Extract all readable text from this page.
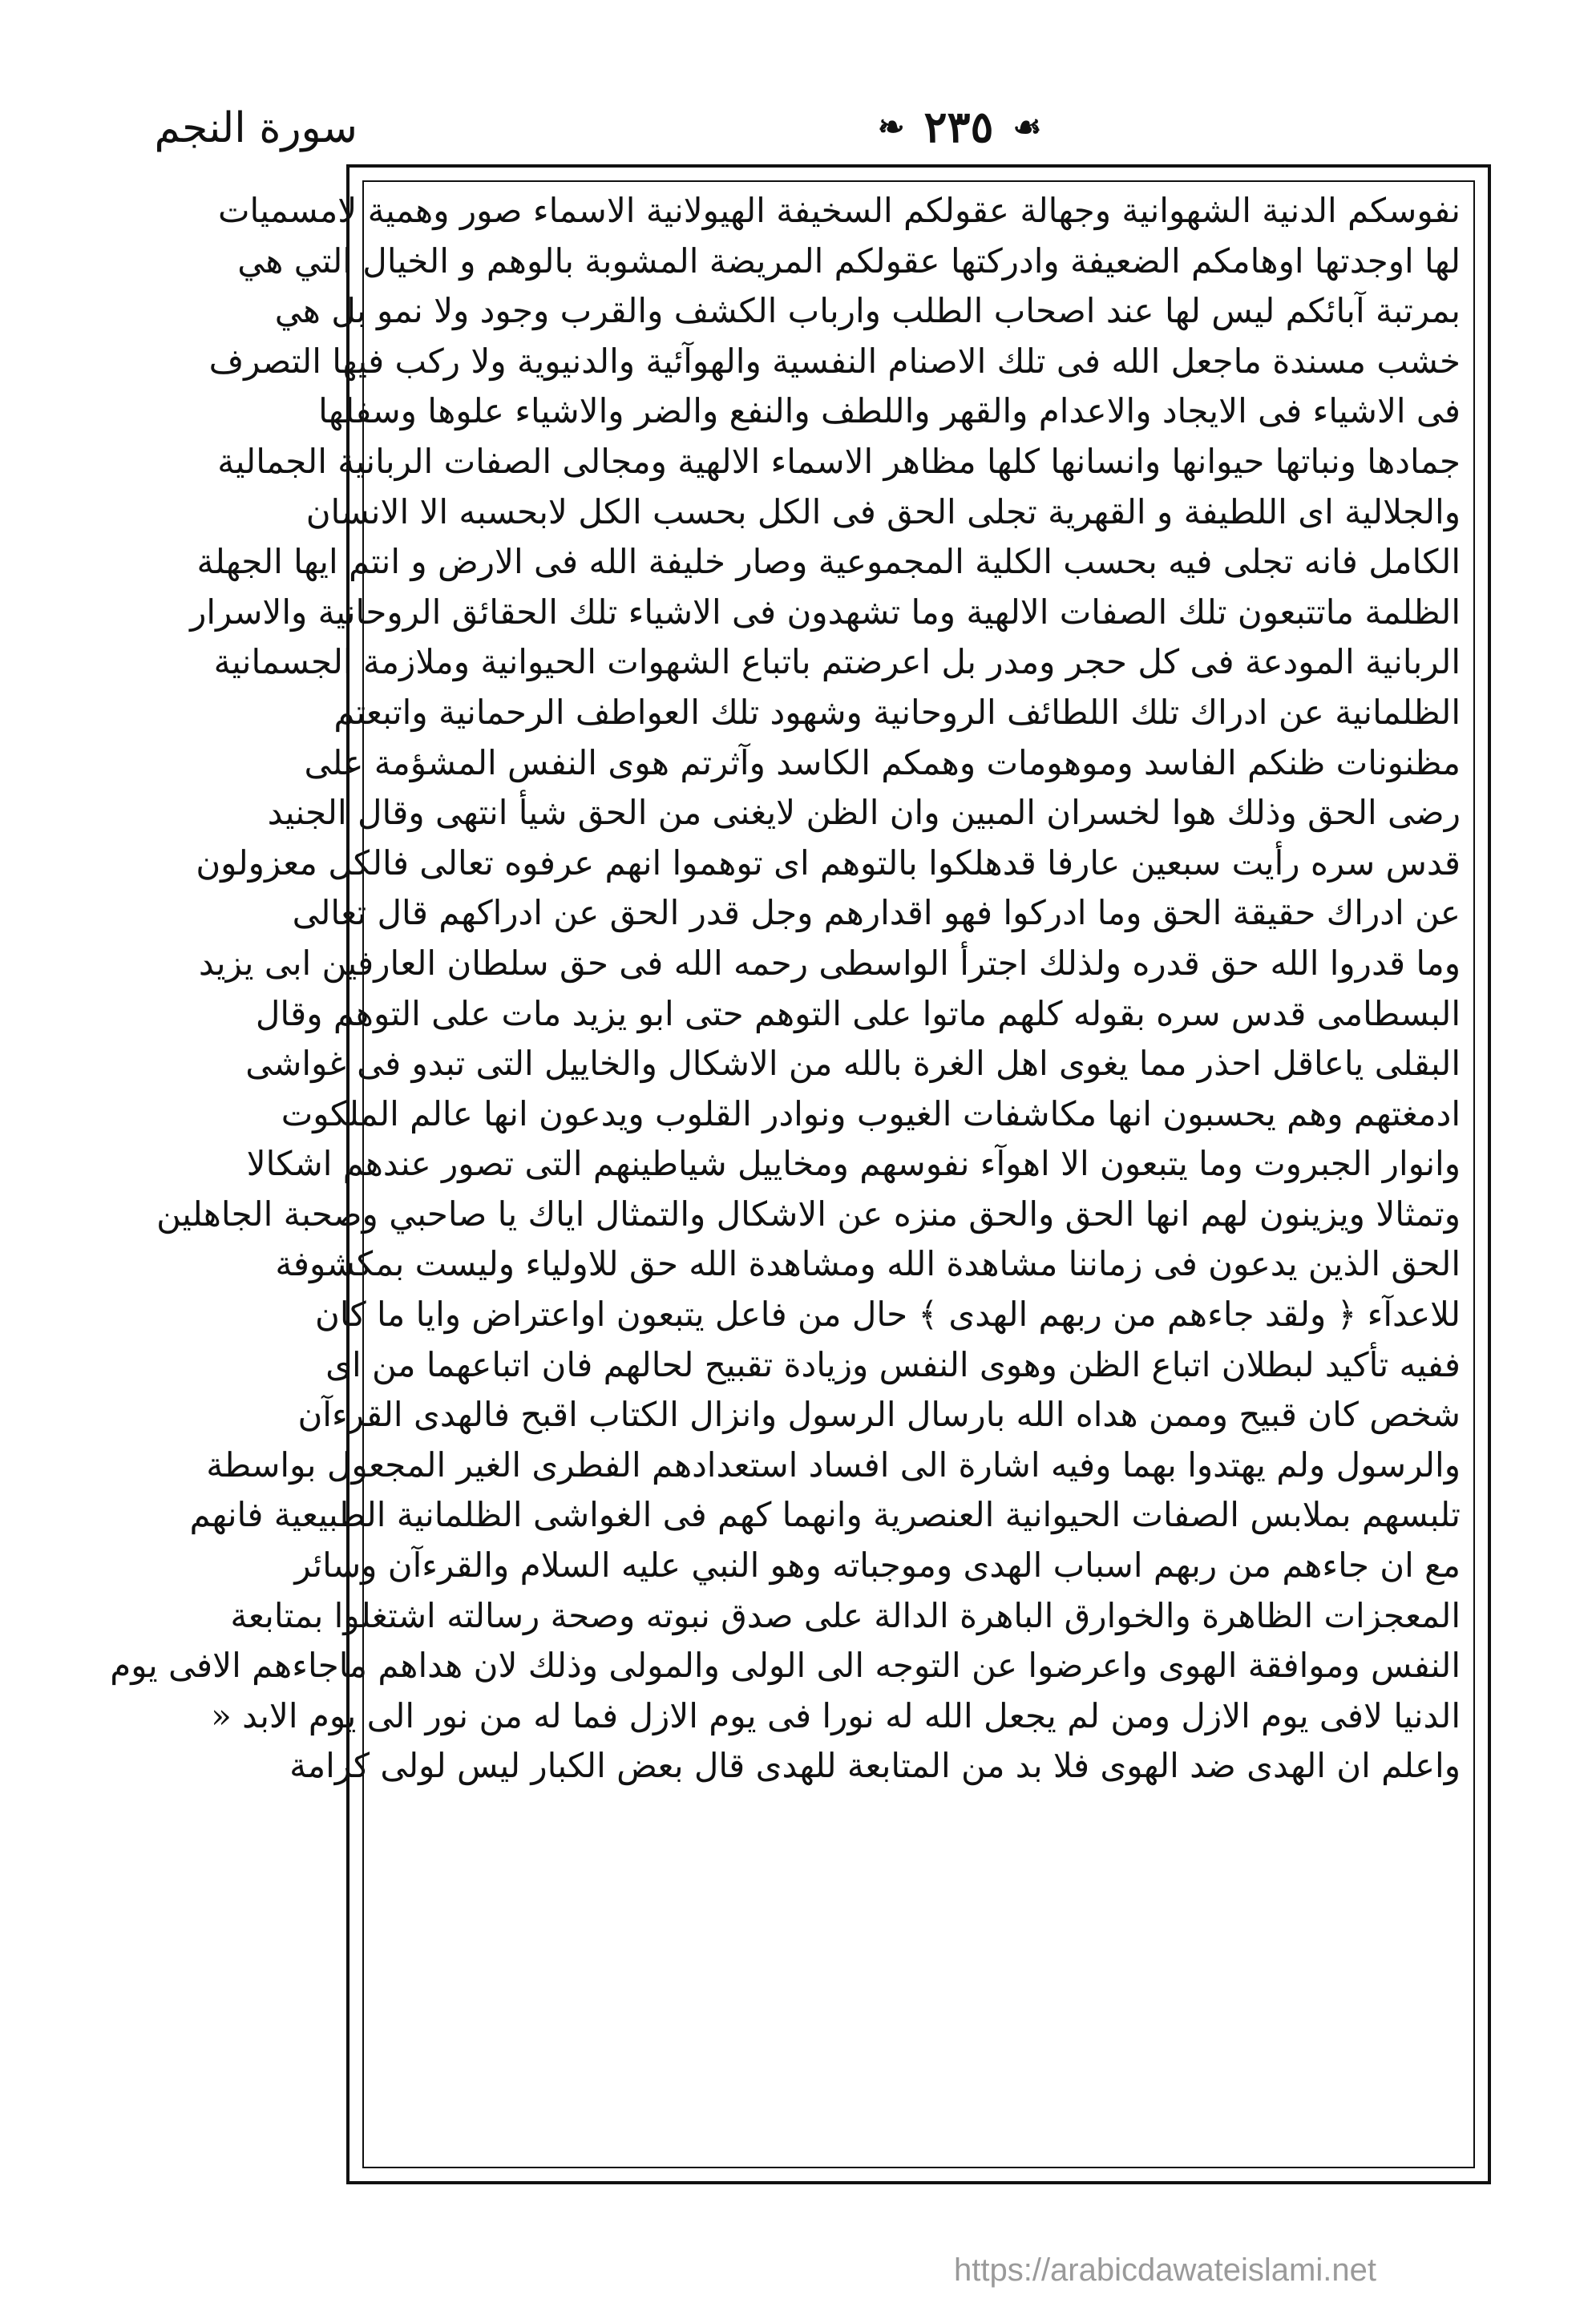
سورة النجم	❧ ٢٣٥ ☙
نفوسكم الدنية الشهوانية وجهالة عقولكم السخيفة الهيولانية الاسماء صور وهمية لامسميات
لها اوجدتها اوهامكم الضعيفة وادركتها عقولكم المريضة المشوبة بالوهم و الخيال التي هي
بمرتبة آبائكم ليس لها عند اصحاب الطلب وارباب الكشف والقرب وجود ولا نمو بل هي
خشب مسندة ماجعل الله فى تلك الاصنام النفسية والهوآئية والدنيوية ولا ركب فيها التصرف
فى الاشياء فى الايجاد والاعدام والقهر واللطف والنفع والضر والاشياء علوها وسفلها
جمادها ونباتها حيوانها وانسانها كلها مظاهر الاسماء الالهية ومجالى الصفات الربانية الجمالية
والجلالية اى اللطيفة و القهرية تجلى الحق فى الكل بحسب الكل لابحسبه الا الانسان
الكامل فانه تجلى فيه بحسب الكلية المجموعية وصار خليفة الله فى الارض و انتم ايها الجهلة
الظلمة ماتتبعون تلك الصفات الالهية وما تشهدون فى الاشياء تلك الحقائق الروحانية والاسرار
الربانية المودعة فى كل حجر ومدر بل اعرضتم باتباع الشهوات الحيوانية وملازمة الجسمانية
الظلمانية عن ادراك تلك اللطائف الروحانية وشهود تلك العواطف الرحمانية واتبعتم
مظنونات ظنكم الفاسد وموهومات وهمكم الكاسد وآثرتم هوى النفس المشؤمة على
رضى الحق وذلك هوا لخسران المبين وان الظن لايغنى من الحق شيأ انتهى وقال الجنيد
قدس سره رأيت سبعين عارفا قدهلكوا بالتوهم اى توهموا انهم عرفوه تعالى فالكل معزولون
عن ادراك حقيقة الحق وما ادركوا فهو اقدارهم وجل قدر الحق عن ادراكهم قال تعالى
وما قدروا الله حق قدره ولذلك اجترأ الواسطى رحمه الله فى حق سلطان العارفين ابى يزيد
البسطامى قدس سره بقوله كلهم ماتوا على التوهم حتى ابو يزيد مات على التوهم وقال
البقلى ياعاقل احذر مما يغوى اهل الغرة بالله من الاشكال والخاييل التى تبدو فى غواشى
ادمغتهم وهم يحسبون انها مكاشفات الغيوب ونوادر القلوب ويدعون انها عالم الملكوت
وانوار الجبروت وما يتبعون الا اهوآء نفوسهم ومخاييل شياطينهم التى تصور عندهم اشكالا
وتمثالا ويزينون لهم انها الحق والحق منزه عن الاشكال والتمثال اياك يا صاحبي وصحبة الجاهلين
الحق الذين يدعون فى زماننا مشاهدة الله ومشاهدة الله حق للاولياء وليست بمكشوفة
للاعدآء ﴿ ولقد جاءهم من ربهم الهدى ﴾ حال من فاعل يتبعون اواعتراض وايا ما كان
ففيه تأكيد لبطلان اتباع الظن وهوى النفس وزيادة تقبيح لحالهم فان اتباعهما من اى
شخص كان قبيح وممن هداه الله بارسال الرسول وانزال الكتاب اقبح فالهدى القرءآن
والرسول ولم يهتدوا بهما وفيه اشارة الى افساد استعدادهم الفطرى الغير المجعول بواسطة
تلبسهم بملابس الصفات الحيوانية العنصرية وانهما كهم فى الغواشى الظلمانية الطبيعية فانهم
مع ان جاءهم من ربهم اسباب الهدى وموجباته وهو النبي عليه السلام والقرءآن وسائر
المعجزات الظاهرة والخوارق الباهرة الدالة على صدق نبوته وصحة رسالته اشتغلوا بمتابعة
النفس وموافقة الهوى واعرضوا عن التوجه الى الولى والمولى وذلك لان هداهم ماجاءهم الافى يوم
الدنيا لافى يوم الازل ومن لم يجعل الله له نورا فى يوم الازل فما له من نور الى يوم الابد «
واعلم ان الهدى ضد الهوى فلا بد من المتابعة للهدى قال بعض الكبار ليس لولى كرامة
https://arabicdawateislami.net
